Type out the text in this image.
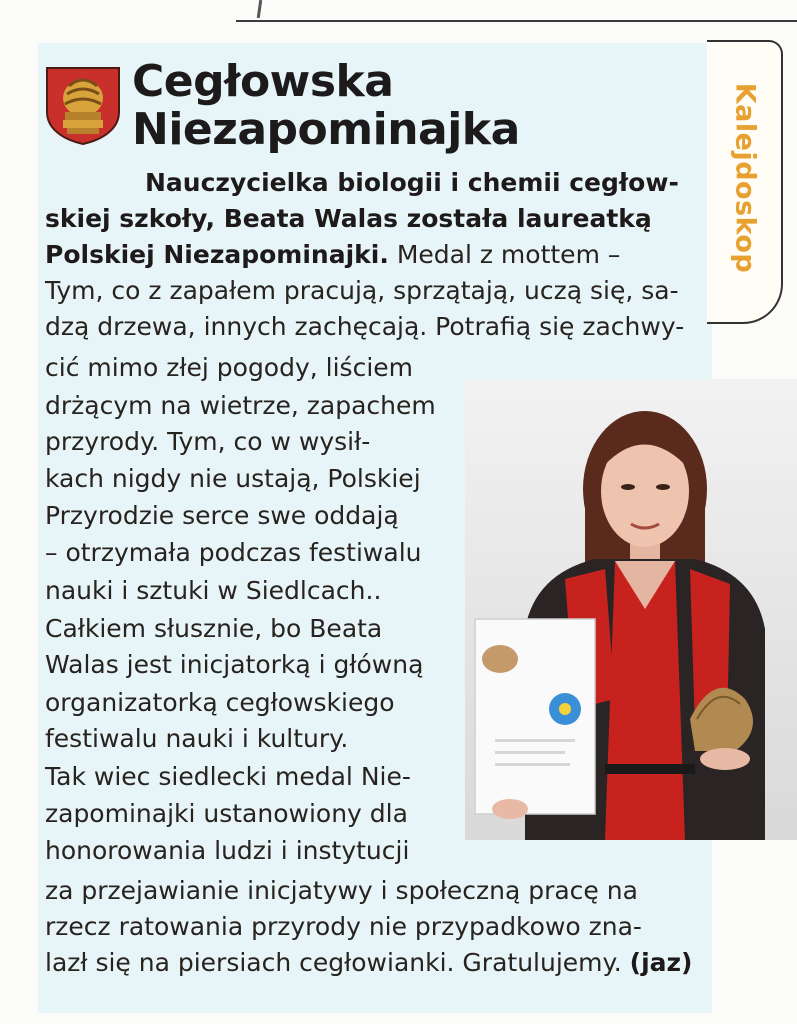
Cegłowska
Niezapominajka	Kalejdoskop
Nauczycielka biologii i chemii cegłow-
skiej szkoły, Beata Walas została laureatką
Polskiej Niezapominajki. Medal z mottem –
Tym, co z zapałem pracują, sprzątają, uczą się, sa-
dzą drzewa, innych zachęcają. Potrafią się zachwy-
cić mimo złej pogody, liściem
drżącym na wietrze, zapachem
przyrody. Tym, co w wysił-
kach nigdy nie ustają, Polskiej
Przyrodzie serce swe oddają
– otrzymała podczas festiwalu
nauki i sztuki w Siedlcach..
Całkiem słusznie, bo Beata
Walas jest inicjatorką i główną
organizatorką cegłowskiego
festiwalu nauki i kultury.
Tak wiec siedlecki medal Nie-
zapominajki ustanowiony dla
honorowania ludzi i instytucji
za przejawianie inicjatywy i społeczną pracę na
rzecz ratowania przyrody nie przypadkowo zna-
lazł się na piersiach cegłowianki. Gratulujemy. (jaz)
